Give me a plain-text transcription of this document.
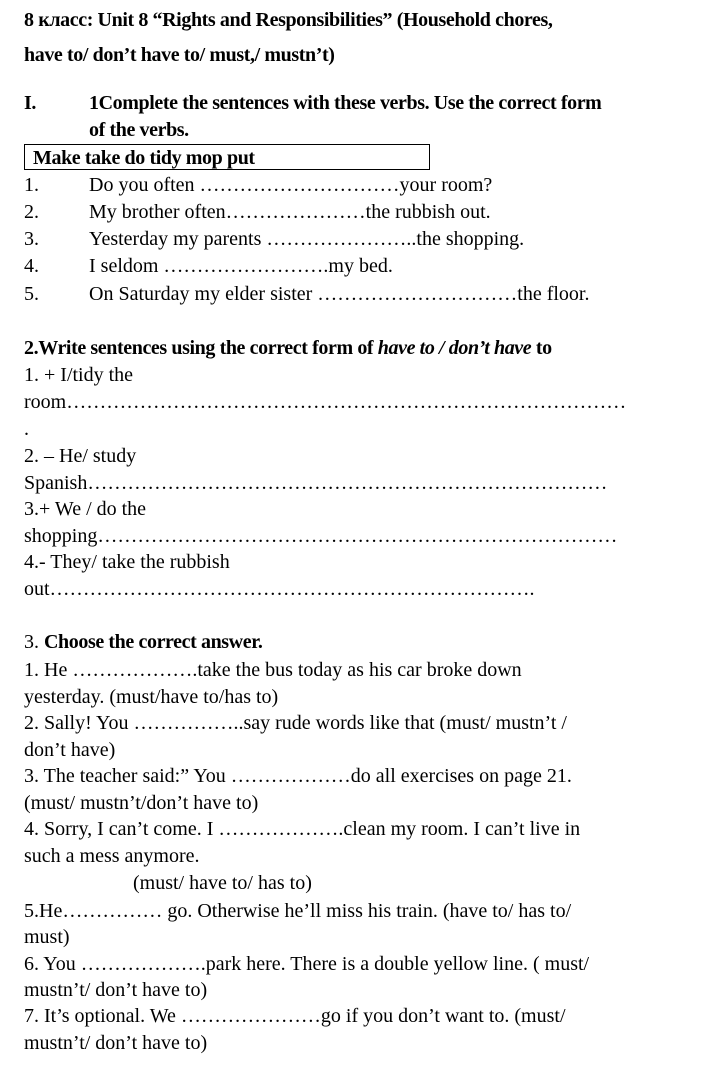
8 класс: Unit 8 “Rights and Responsibilities” (Household chores,
have to/ don’t have to/ must,/ mustn’t)
I.	1Complete the sentences with these verbs. Use the correct form
of the verbs.
Make take do tidy mop put
1.	Do you often …………………………your room?
2.	My brother often…………………the rubbish out.
3.	Yesterday my parents …………………..the shopping.
4.	I seldom …………………….my bed.
5.	On Saturday my elder sister …………………………the floor.
2.Write sentences using the correct form of have to / don’t have to
1. + I/tidy the
room…………………………………………………………………………
.
2. – He/ study
Spanish……………………………………………………………………
3.+ We / do the
shopping……………………………………………………………………
4.- They/ take the rubbish
out……………………………………………………………….
3. Choose the correct answer.
1. He ……………….take the bus today as his car broke down
yesterday. (must/have to/has to)
2. Sally! You ……………..say rude words like that (must/ mustn’t /
don’t have)
3. The teacher said:” You ………………do all exercises on page 21.
(must/ mustn’t/don’t have to)
4. Sorry, I can’t come. I ……………….clean my room. I can’t live in
such a mess anymore.
(must/ have to/ has to)
5.He…………… go. Otherwise he’ll miss his train. (have to/ has to/
must)
6. You ……………….park here. There is a double yellow line. ( must/
mustn’t/ don’t have to)
7. It’s optional. We …………………go if you don’t want to. (must/
mustn’t/ don’t have to)
